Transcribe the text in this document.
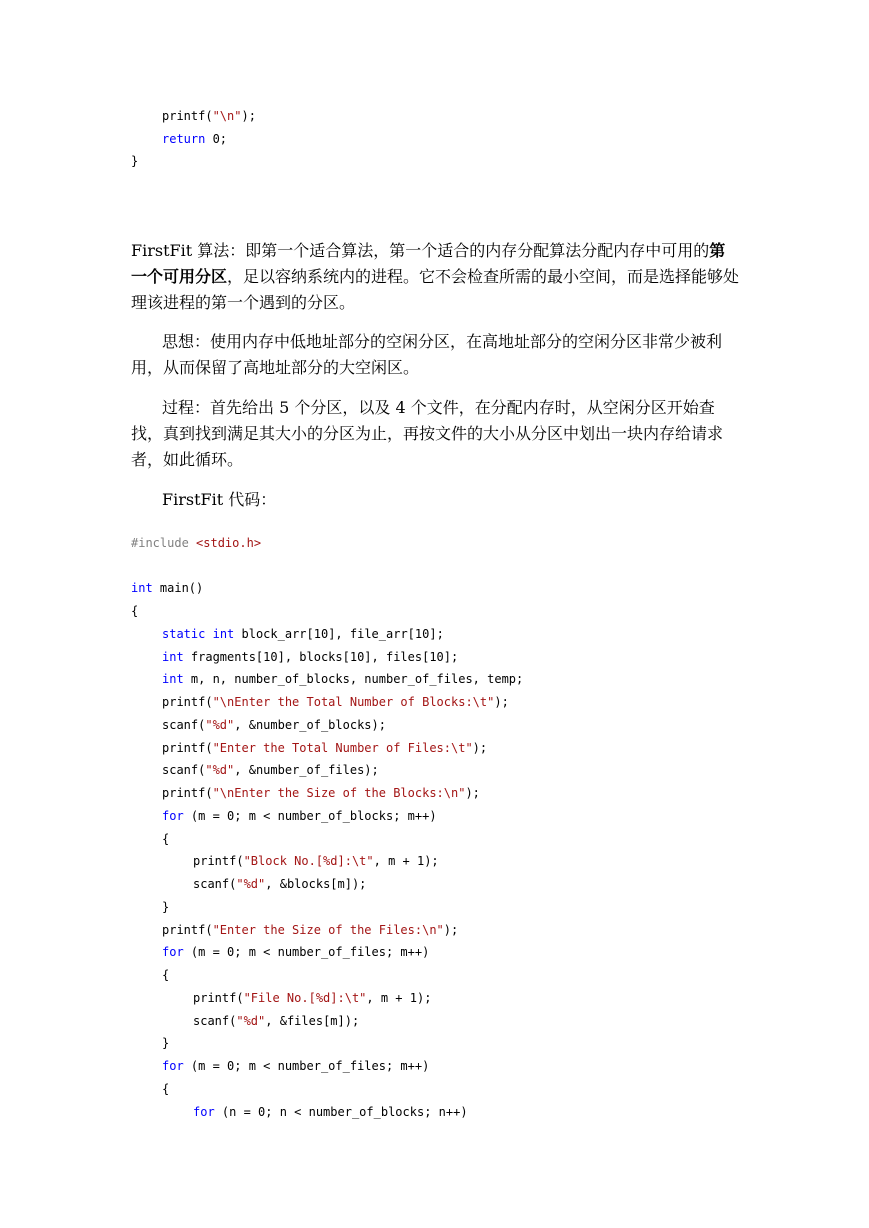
printf("\n");
return 0;
}
#include <stdio.h>
int main()
{
static int block_arr[10], file_arr[10];
int fragments[10], blocks[10], files[10];
int m, n, number_of_blocks, number_of_files, temp;
printf("\nEnter the Total Number of Blocks:\t");
scanf("%d", &number_of_blocks);
printf("Enter the Total Number of Files:\t");
scanf("%d", &number_of_files);
printf("\nEnter the Size of the Blocks:\n");
for (m = 0; m < number_of_blocks; m++)
{
printf("Block No.[%d]:\t", m + 1);
scanf("%d", &blocks[m]);
}
printf("Enter the Size of the Files:\n");
for (m = 0; m < number_of_files; m++)
{
printf("File No.[%d]:\t", m + 1);
scanf("%d", &files[m]);
}
for (m = 0; m < number_of_files; m++)
{
for (n = 0; n < number_of_blocks; n++)
FirstFit 算法：即第一个适合算法，第一个适合的内存分配算法分配内存中可用的第一个可用分区，足以容纳系统内的进程。它不会检查所需的最小空间，而是选择能够处理该进程的第一个遇到的分区。
思想：使用内存中低地址部分的空闲分区，在高地址部分的空闲分区非常少被利用，从而保留了高地址部分的大空闲区。
过程：首先给出 5 个分区，以及 4 个文件，在分配内存时，从空闲分区开始查找，真到找到满足其大小的分区为止，再按文件的大小从分区中划出一块内存给请求者，如此循环。
FirstFit 代码：
